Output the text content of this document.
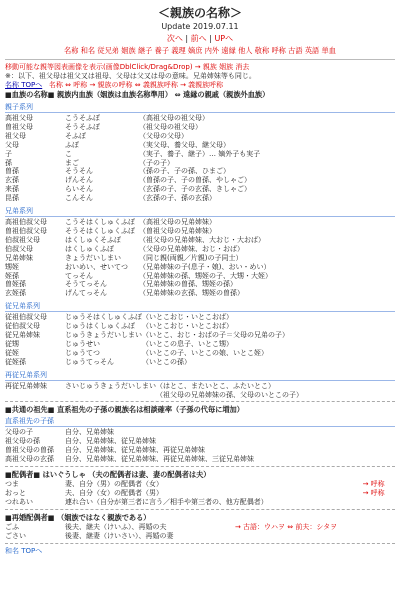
＜親族の名称＞
Update 2019.07.11
次へ | 前へ | UPへ
名称 和名 従兄弟 姻族 継子 養子 義理 嫡庶 内外 遠縁 他人 敬称 呼称 古語 英語 単血
移動可能な親等図表画像を表示(画像DblClick/Drag&Drop) → 親族 姻族 消去
※：以下、祖父母は祖父又は祖母、父母は父又は母の意味。兄弟姉妹等も同じ。
名称 TOPへ 名称 ⇔ 呼称 → 親族の呼称 ⇔ 義親族呼称 → 義親族呼称
■血族の名称■ 親族内血族（姻族は血族名称準用） ⇔ 遠縁の親戚（親族外血族）
親子系列
高祖父母	こうそふぼ	（高祖父母の祖父母）
曽祖父母	そうそふぼ	（祖父母の祖父母）
祖父母	そふぼ	（父母の父母）
父母	ふぼ	（実父母、養父母、継父母）
子	こ	（実子、養子、継子）… 嫡外子も実子
孫	まご	（子の子）
曽孫	そうそん	（孫の子、子の孫、ひまご）
玄孫	げんそん	（曽孫の子、子の曽孫、やしゃご）
来孫	らいそん	（玄孫の子、子の玄孫、きしゃご）
昆孫	こんそん	（玄孫の子、孫の玄孫）
兄弟系列
高祖伯叔父母	こうそはくしゅくふぼ	（高祖父母の兄弟姉妹）
曽祖伯叔父母	そうそはくしゅくふぼ	（曽祖父母の兄弟姉妹）
伯叔祖父母	はくしゅくそふぼ	（祖父母の兄弟姉妹、大おじ・大おば）
伯叔父母	はくしゅくふぼ	（父母の兄弟姉妹、おじ・おば）
兄弟姉妹	きょうだいしまい	（同じ親(両親／片親)の子同士）
甥姪	おいめい、せいてつ	（兄弟姉妹の子(息子・娘)、おい・めい）
姪孫	てっそん	（兄弟姉妹の孫、甥姪の子、大甥・大姪）
曽姪孫	そうてっそん	（兄弟姉妹の曽孫、甥姪の孫）
玄姪孫	げんてっそん	（兄弟姉妹の玄孫、甥姪の曽孫）
従兄弟系列
従祖伯叔父母	じゅうそはくしゅくふぼ	（いとこおじ・いとこおば）
従伯叔父母	じゅうはくしゅくふぼ	（いとこおじ・いとこおば）
従兄弟姉妹	じゅうきょうだいしまい	（いとこ、おじ・おばの子＝父母の兄弟の子）
従甥	じゅうせい	（いとこの息子、いとこ甥）
従姪	じゅうてつ	（いとこの子、いとこの娘、いとこ姪）
従姪孫	じゅうてっそん	（いとこの孫）
再従兄弟系列
再従兄弟姉妹	さいじゅうきょうだいしまい	（はとこ、またいとこ、ふたいとこ）
		（祖父母の兄弟姉妹の孫、父母のいとこの子）
■共通の祖先■ 直系祖先の子孫の親族名は相談確率（子孫の代毎に増加）
直系祖先の子孫
父母の子	自分、兄弟姉妹
祖父母の孫	自分、兄弟姉妹、従兄弟姉妹
曽祖父母の曽孫	自分、兄弟姉妹、従兄弟姉妹、再従兄弟姉妹
高祖父母の玄孫	自分、兄弟姉妹、従兄弟姉妹、再従兄弟姉妹、三従兄弟姉妹
■配偶者■ はいぐうしゃ （夫の配偶者は妻、妻の配偶者は夫）
つま	妻、自分（男）の配偶者（女）	→ 呼称
おっと	夫、自分（女）の配偶者（男）	→ 呼称
つれあい	連れ合い（自分が第三者に言う／相手や第三者の、他方配偶者）	
■再婚配偶者■ （姻族ではなく親族である）
ごふ	後夫、継夫（けいふ）、再婚の夫	→ 古語：ウハヲ ⇔ 前夫：シタヲ
ごさい	後妻、継妻（けいさい）、再婚の妻	
和名 TOPへ
